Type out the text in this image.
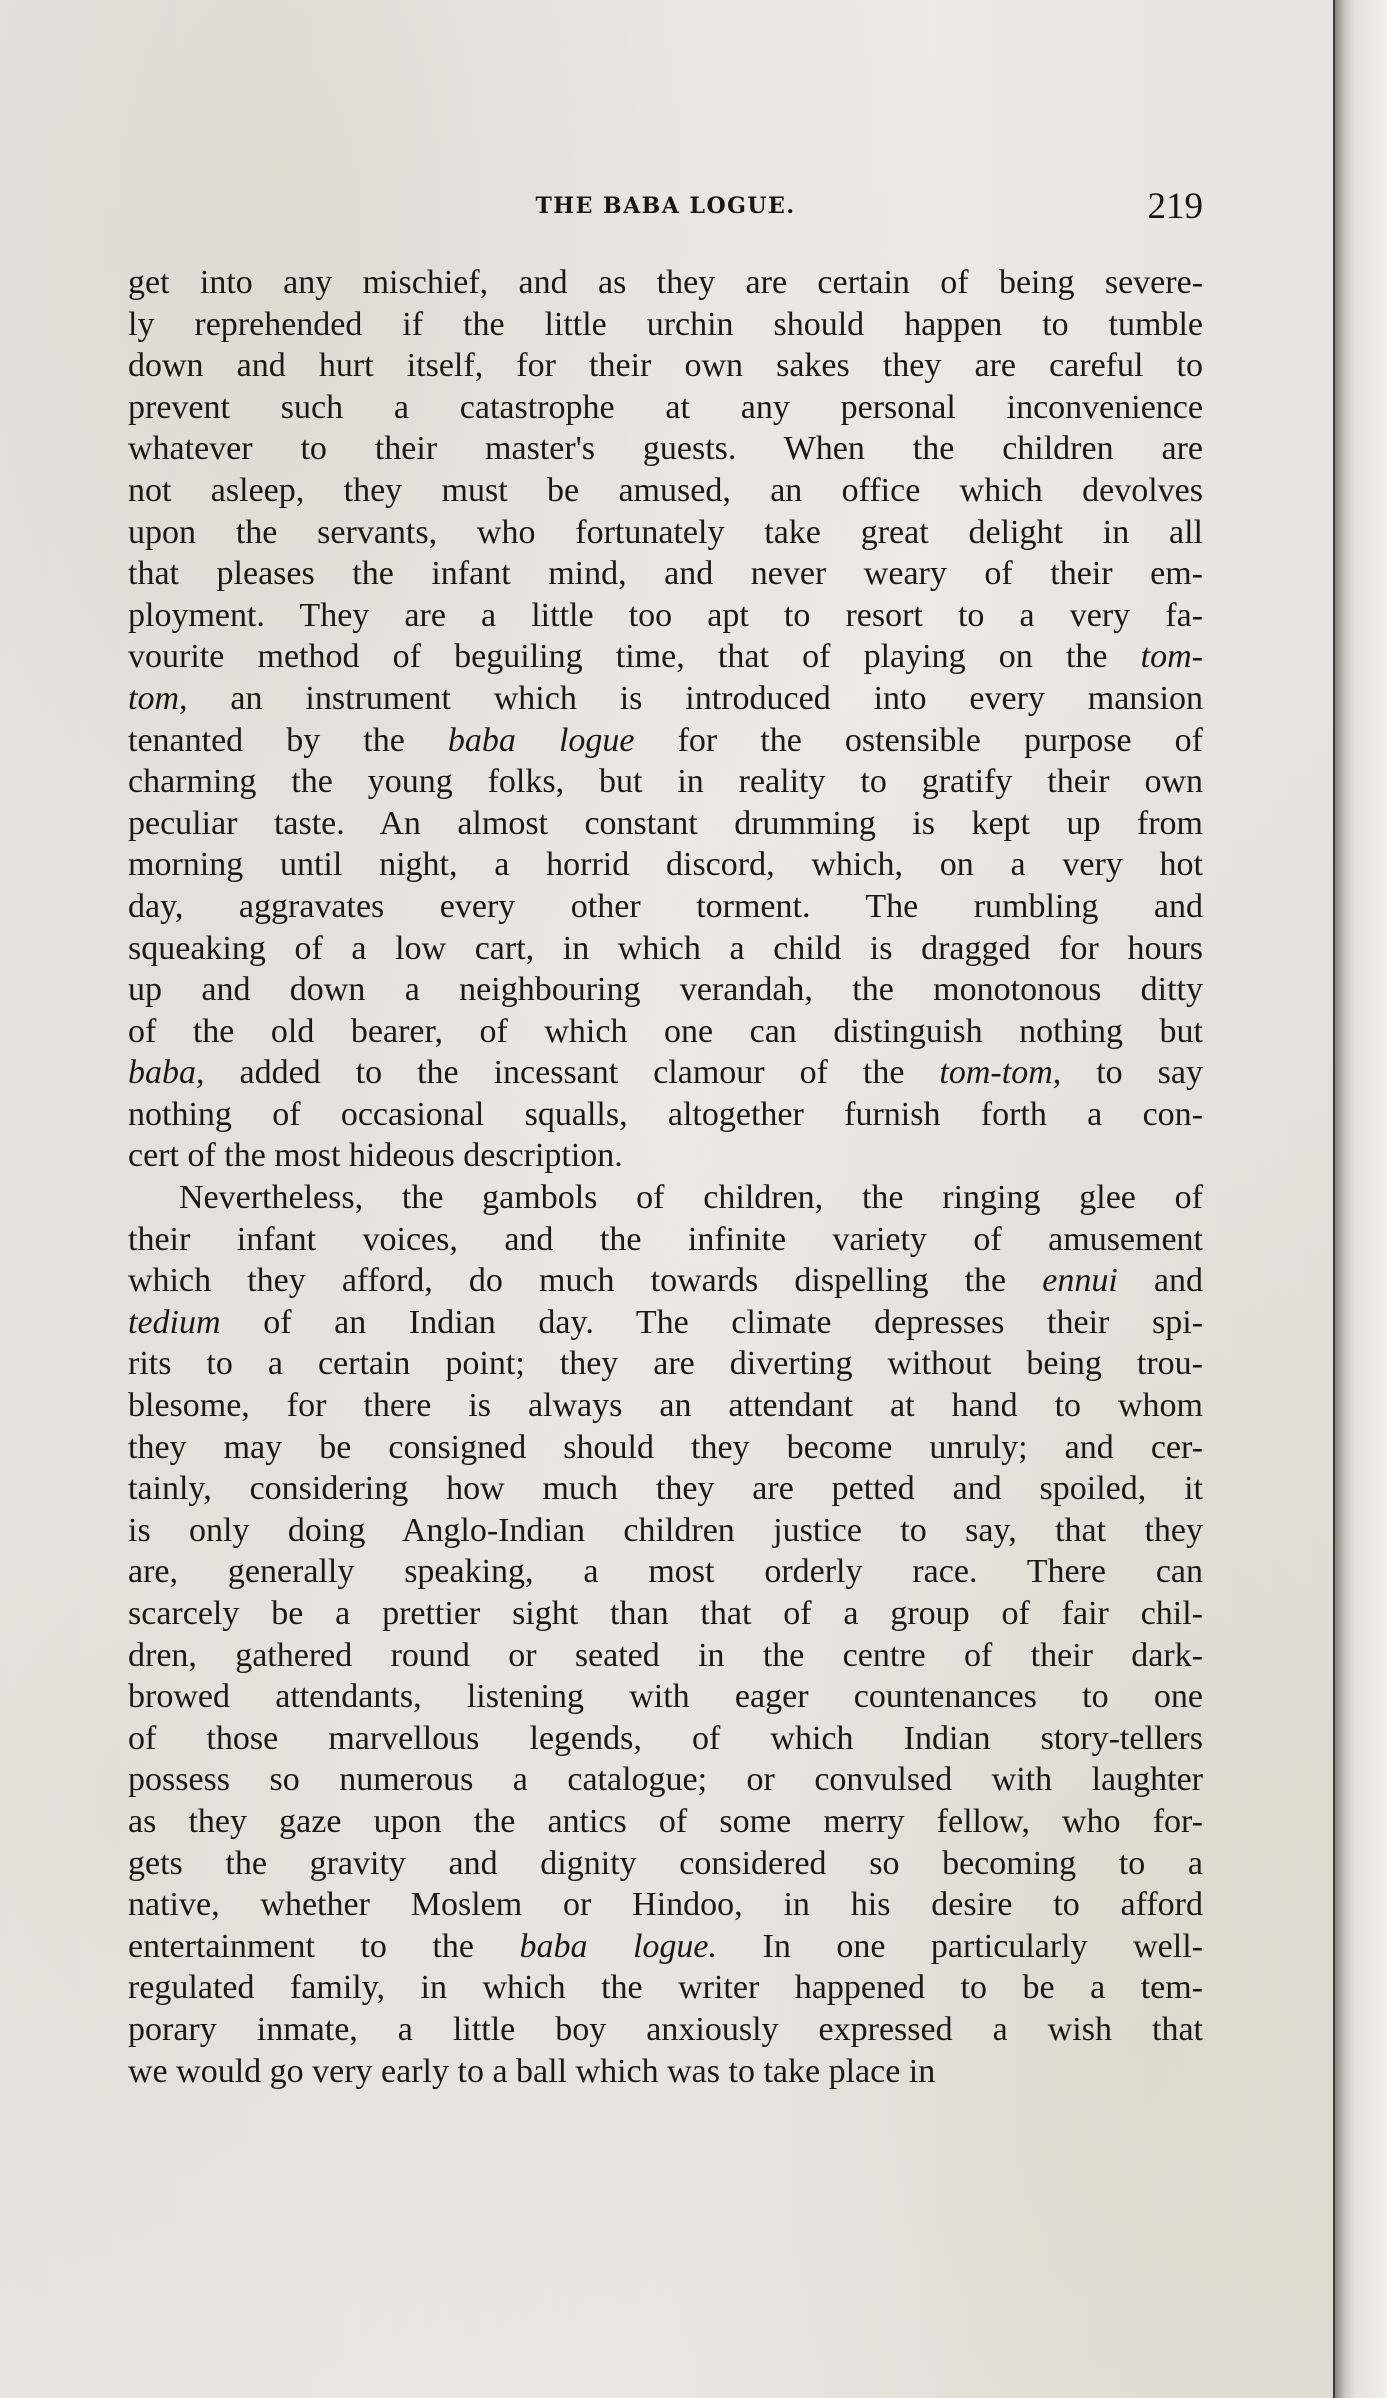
THE BABA LOGUE.	219
get into any mischief, and as they are certain of being severe-
ly reprehended if the little urchin should happen to tumble
down and hurt itself, for their own sakes they are careful to
prevent such a catastrophe at any personal inconvenience
whatever to their master's guests. When the children are
not asleep, they must be amused, an office which devolves
upon the servants, who fortunately take great delight in all
that pleases the infant mind, and never weary of their em-
ployment. They are a little too apt to resort to a very fa-
vourite method of beguiling time, that of playing on the tom-
tom, an instrument which is introduced into every mansion
tenanted by the baba logue for the ostensible purpose of
charming the young folks, but in reality to gratify their own
peculiar taste. An almost constant drumming is kept up from
morning until night, a horrid discord, which, on a very hot
day, aggravates every other torment. The rumbling and
squeaking of a low cart, in which a child is dragged for hours
up and down a neighbouring verandah, the monotonous ditty
of the old bearer, of which one can distinguish nothing but
baba, added to the incessant clamour of the tom-tom, to say
nothing of occasional squalls, altogether furnish forth a con-
cert of the most hideous description.
Nevertheless, the gambols of children, the ringing glee of
their infant voices, and the infinite variety of amusement
which they afford, do much towards dispelling the ennui and
tedium of an Indian day. The climate depresses their spi-
rits to a certain point; they are diverting without being trou-
blesome, for there is always an attendant at hand to whom
they may be consigned should they become unruly; and cer-
tainly, considering how much they are petted and spoiled, it
is only doing Anglo-Indian children justice to say, that they
are, generally speaking, a most orderly race. There can
scarcely be a prettier sight than that of a group of fair chil-
dren, gathered round or seated in the centre of their dark-
browed attendants, listening with eager countenances to one
of those marvellous legends, of which Indian story-tellers
possess so numerous a catalogue; or convulsed with laughter
as they gaze upon the antics of some merry fellow, who for-
gets the gravity and dignity considered so becoming to a
native, whether Moslem or Hindoo, in his desire to afford
entertainment to the baba logue. In one particularly well-
regulated family, in which the writer happened to be a tem-
porary inmate, a little boy anxiously expressed a wish that
we would go very early to a ball which was to take place in
